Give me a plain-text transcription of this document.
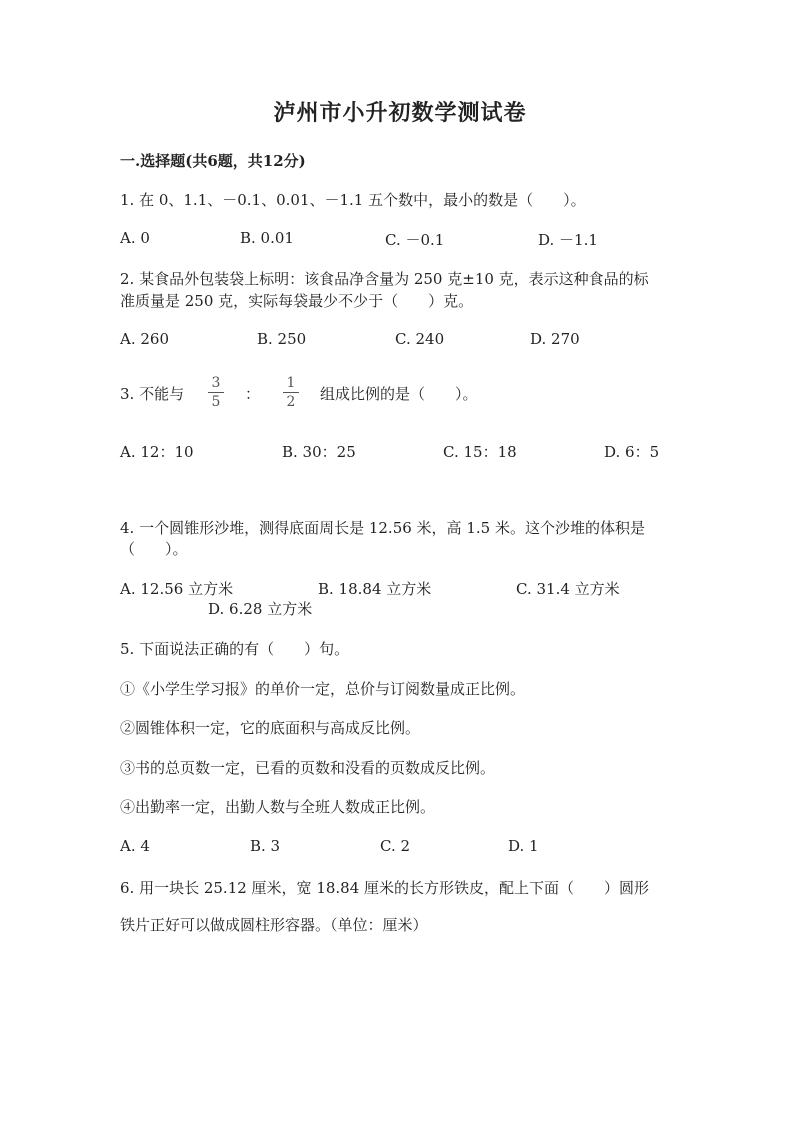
泸州市小升初数学测试卷
一.选择题(共6题，共12分)
1. 在 0、1.1、－0.1、0.01、－1.1 五个数中，最小的数是（　　）。
A. 0	B. 0.01	C. －0.1	D. －1.1
2. 某食品外包装袋上标明：该食品净含量为 250 克±10 克，表示这种食品的标
准质量是 250 克，实际每袋最少不少于（　　）克。
A. 260	B. 250	C. 240	D. 270
3. 不能与
3
5 ：
1
2 组成比例的是（　　）。
A. 12：10	B. 30：25	C. 15：18	D. 6：5
4. 一个圆锥形沙堆，测得底面周长是 12.56 米，高 1.5 米。这个沙堆的体积是
（　　）。
A. 12.56 立方米	B. 18.84 立方米	C. 31.4 立方米
D. 6.28 立方米
5. 下面说法正确的有（　　）句。
①《小学生学习报》的单价一定，总价与订阅数量成正比例。
②圆锥体积一定，它的底面积与高成反比例。
③书的总页数一定，已看的页数和没看的页数成反比例。
④出勤率一定，出勤人数与全班人数成正比例。
A. 4	B. 3	C. 2	D. 1
6. 用一块长 25.12 厘米，宽 18.84 厘米的长方形铁皮，配上下面（　　）圆形
铁片正好可以做成圆柱形容器。（单位：厘米）
